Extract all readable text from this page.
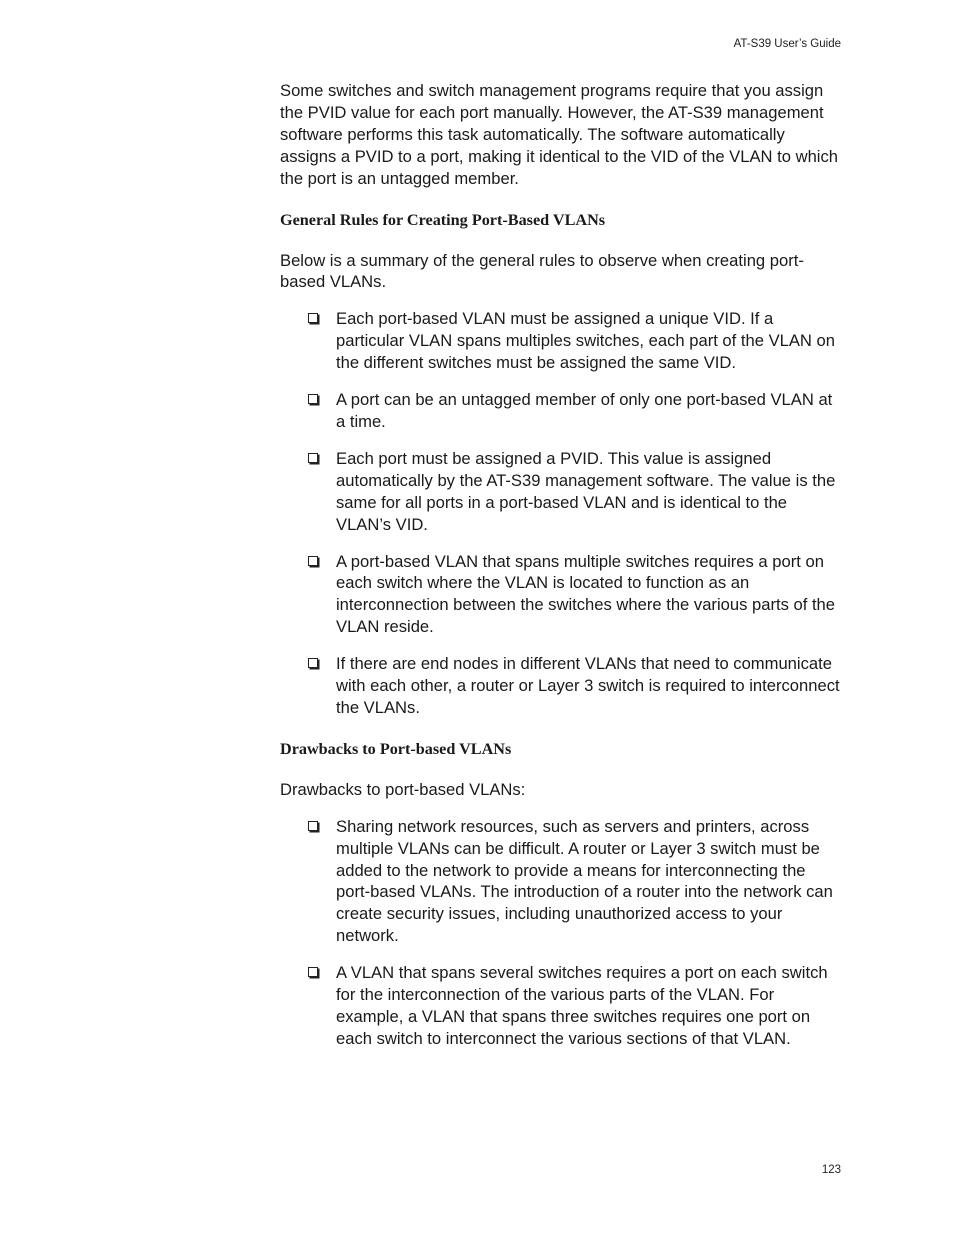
AT-S39 User’s Guide

Some switches and switch management programs require that you assign the PVID value for each port manually. However, the AT-S39 management software performs this task automatically. The software automatically assigns a PVID to a port, making it identical to the VID of the VLAN to which the port is an untagged member.

General Rules for Creating Port-Based VLANs

Below is a summary of the general rules to observe when creating port-based VLANs.

Each port-based VLAN must be assigned a unique VID. If a particular VLAN spans multiples switches, each part of the VLAN on the different switches must be assigned the same VID.
A port can be an untagged member of only one port-based VLAN at a time.
Each port must be assigned a PVID. This value is assigned automatically by the AT-S39 management software. The value is the same for all ports in a port-based VLAN and is identical to the VLAN’s VID.
A port-based VLAN that spans multiple switches requires a port on each switch where the VLAN is located to function as an interconnection between the switches where the various parts of the VLAN reside.
If there are end nodes in different VLANs that need to communicate with each other, a router or Layer 3 switch is required to interconnect the VLANs.
Drawbacks to Port-based VLANs

Drawbacks to port-based VLANs:

Sharing network resources, such as servers and printers, across multiple VLANs can be difficult. A router or Layer 3 switch must be added to the network to provide a means for interconnecting the port-based VLANs. The introduction of a router into the network can create security issues, including unauthorized access to your network.
A VLAN that spans several switches requires a port on each switch for the interconnection of the various parts of the VLAN. For example, a VLAN that spans three switches requires one port on each switch to interconnect the various sections of that VLAN.
123
